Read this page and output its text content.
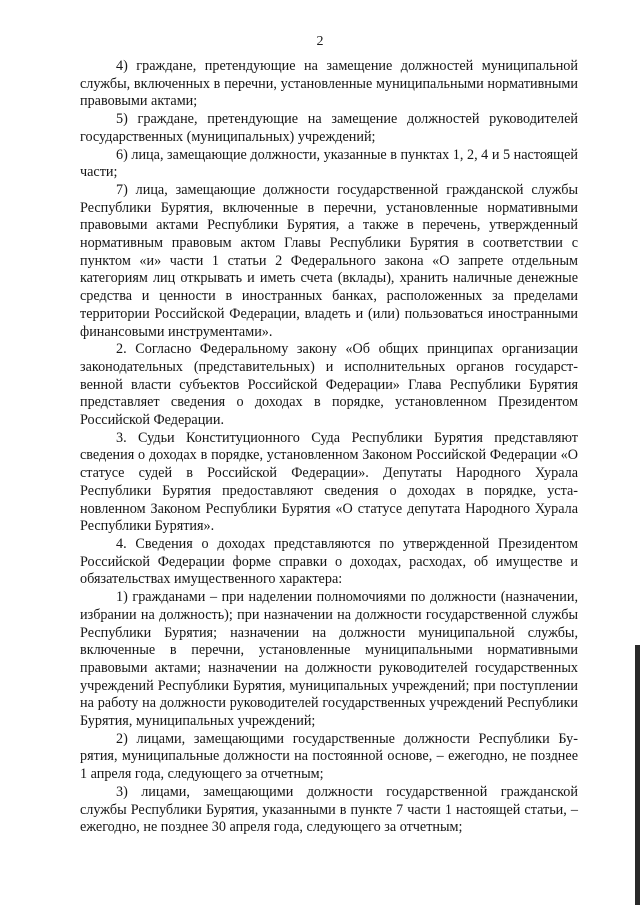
2

4) граждане, претендующие на замещение должностей муниципальной службы, включенных в перечни, установленные муниципальными нормативными правовыми актами;

5) граждане, претендующие на замещение должностей руководителей государственных (муниципальных) учреждений;

6) лица, замещающие должности, указанные в пунктах 1, 2, 4 и 5 настоящей части;

7) лица, замещающие должности государственной гражданской службы Республики Бурятия, включенные в перечни, установленные нормативными правовыми актами Республики Бурятия, а также в перечень, утвержденный нормативным правовым актом Главы Республики Бурятия в соответствии с пунктом «и» части 1 статьи 2 Федерального закона «О запрете отдельным категориям лиц открывать и иметь счета (вклады), хранить наличные денежные средства и ценности в иностранных банках, расположенных за пределами территории Российской Федерации, владеть и (или) пользоваться иностранными финансовыми инструментами».

2. Согласно Федеральному закону «Об общих принципах организации законодательных (представительных) и исполнительных органов государственной власти субъектов Российской Федерации» Глава Республики Бурятия представляет сведения о доходах в порядке, установленном Президентом Российской Федерации.

3. Судьи Конституционного Суда Республики Бурятия представляют сведения о доходах в порядке, установленном Законом Российской Федерации «О статусе судей в Российской Федерации». Депутаты Народного Хурала Республики Бурятия предоставляют сведения о доходах в порядке, установленном Законом Республики Бурятия «О статусе депутата Народного Хурала Республики Бурятия».

4. Сведения о доходах представляются по утвержденной Президентом Российской Федерации форме справки о доходах, расходах, об имуществе и обязательствах имущественного характера:

1) гражданами – при наделении полномочиями по должности (назначении, избрании на должность); при назначении на должности государственной службы Республики Бурятия; назначении на должности муниципальной службы, включенные в перечни, установленные муниципальными нормативными правовыми актами; назначении на должности руководителей государственных учреждений Республики Бурятия, муниципальных учреждений; при поступлении на работу на должности руководителей государственных учреждений Республики Бурятия, муниципальных учреждений;

2) лицами, замещающими государственные должности Республики Бурятия, муниципальные должности на постоянной основе, – ежегодно, не позднее 1 апреля года, следующего за отчетным;

3) лицами, замещающими должности государственной гражданской службы Республики Бурятия, указанными в пункте 7 части 1 настоящей статьи, – ежегодно, не позднее 30 апреля года, следующего за отчетным;
